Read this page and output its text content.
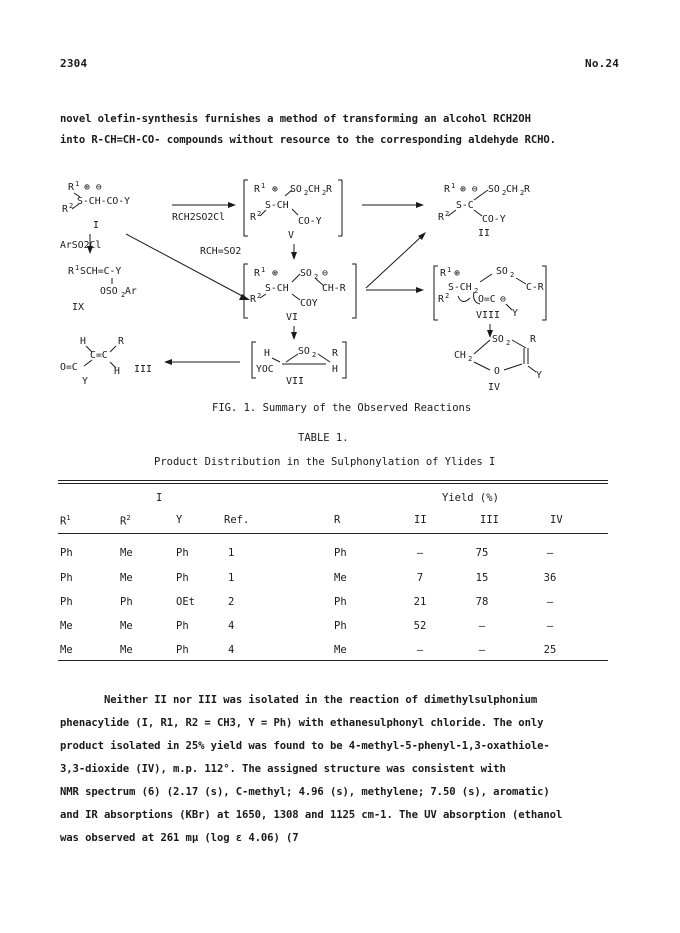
2304	No.24
novel olefin-synthesis furnishes a method of transforming an alcohol RCH2OH
into R-CH=CH-CO- compounds without resource to the corresponding aldehyde RCHO.
R 1 ⊕ ⊖
S-CH-CO-Y
R 2
I
RCH2SO2Cl
R 1 ⊕ SO 2 CH 2 R
S-CH
R 2
CO-Y
V
R 1 ⊕ ⊖ SO 2 CH 2 R
S-C
R 2	CO-Y
II
ArSO2Cl
RCH=SO2
R 1 SCH=C-Y
OSO 2 Ar
IX
R 1 ⊕ SO 2 ⊖
S-CH	CH-R
R 2
COY
VI
R 1 ⊕	SO 2
S-CH 2	C-R
R 2	O=C ⊖
Y
VIII
H	SO 2 R
YOC	H
VII
H
C=C
R
O=C	H
Y
III
SO 2 R
CH 2
O	Y
IV
FIG. 1. Summary of the Observed Reactions
TABLE 1.
Product Distribution in the Sulphonylation of Ylides I
I	Yield (%)
$R^1$	$R^2$	Y	Ref.	R	II	III	IV
Ph	Me	Ph	1	Ph	—	75	—
Ph	Me	Ph	1	Me	7	15	36
Ph	Ph	OEt	2	Ph	21	78	—
Me	Me	Ph	4	Ph	52	—	—
Me	Me	Ph	4	Me	—	—	25
Neither II nor III was isolated in the reaction of dimethylsulphonium
phenacylide (I, R1, R2 = CH3, Y = Ph) with ethanesulphonyl chloride. The only
product isolated in 25% yield was found to be 4-methyl-5-phenyl-1,3-oxathiole-
3,3-dioxide (IV), m.p. 112°. The assigned structure was consistent with
NMR spectrum (6) (2.17 (s), C-methyl; 4.96 (s), methylene; 7.50 (s), aromatic)
and IR absorptions (KBr) at 1650, 1308 and 1125 cm-1. The UV absorption (ethanol
was observed at 261 mμ (log ε 4.06) (7
